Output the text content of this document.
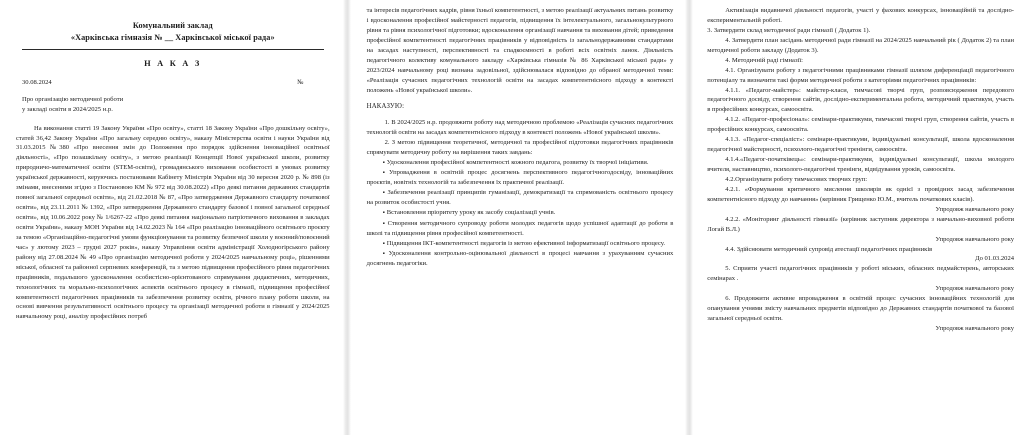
Комунальний заклад
«Харківська гімназія № __ Харківської міської рада»
Н А К А З
30.08.2024	№
Про організацію методичної роботи
у закладі освіти в 2024/2025 н.р.

На виконання статті 19 Закону України «Про освіту», статті 18 Закону України «Про дошкільну освіту», статей 36,42 Закону України «Про загальну середню освіту», наказу Міністерства освіти і науки України від 31.03.2015 №380 «Про внесення змін до Положення про порядок здійснення інноваційної освітньої діяльності», «Про позашкільну освіту», з метою реалізації Концепції Нової української школи, розвитку природничо-математичної освіти (STEM-освіти), громадянського виховання особистості в умовах розвитку української державності, керуючись постановами Кабінету Міністрів України від 30 вересня 2020 р. № 898 (із змінами, внесеними згідно з Постановою КМ № 972 від 30.08.2022) «Про деякі питання державних стандартів повної загальної середньої освіти», від 21.02.2018 № 87, «Про затвердження Державного стандарту початкової освіти», від 23.11.2011 № 1392, «Про затвердження Державного стандарту базової і повної загальної середньої освіти», від 10.06.2022 року № 1/6267-22 «Про деякі питання національно патріотичного виховання в закладах освіти України», наказу МОН України від 14.02.2023 № 164 «Про реалізацію інноваційного освітнього проєкту за темою «Організаційно-педагогічні умови функціонування та розвитку безпечної школи у воєнний/повоєнний час» у лютому 2023 – грудні 2027 років», наказу Управління освіти адміністрації Холодногірського району району від 27.08.2024 № 49 «Про організацію методичної роботи у 2024/2025 навчальному році», рішеннями міської, обласної та районної серпневих конференцій, та з метою підвищення професійного рівня педагогічних працівників, подальшого удосконалення особистісно-орієнтованого спрямування дидактичних, методичних, технологічних та морально-психологічних аспектів освітнього процесу в гімназії, підвищення професійної компетентності педагогічних працівників та забезпечення розвитку освіти, річного плану роботи школи, на основі вивчення результативності освітнього процесу та організації методичної роботи в гімназії у 2024/2025 навчальному році, аналізу професійних потреб

та інтересів педагогічних кадрів, рівня їхньої компетентності, з метою реалізації актуальних питань розвитку і вдосконалення професійної майстерності педагогів, підвищення їх інтелектуального, загальнокультурного рівня та рівня психологічної підготовки; вдосконалення організації навчання та виховання дітей; приведення професійної компетентності педагогічних працівників у відповідність із загальнодержавними стандартами на засадах наступності, перспективності та спадкоємності в роботі всіх освітніх ланок. Діяльність педагогічного колективу комунального закладу «Харківська гімназія № 86 Харківської міської ради» у 2023/2024 навчальному році визнана задовільної, здійснювалася відповідно до обраної методичної теми: «Реалізація сучасних педагогічних технологій освіти на засадах компетентнісного підходу в контексті положень «Нової української школи».

НАКАЗУЮ:

1. В 2024/2025 н.р. продовжити роботу над методичною проблемою «Реалізація сучасних педагогічних технологій освіти на засадах компетентнісного підходу в контексті положень «Нової української школи».

2. З метою підвищення теоретичної, методичної та професійної підготовки педагогічних працівників спрямувати методичну роботу на вирішення таких завдань:

▪ Удосконалення професійної компетентності кожного педагога, розвитку їх творчої ініціативи.
▪ Упровадження в освітній процес досягнень перспективного педагогічногодосвіду, інноваційних проєктів, новітніх технологій та забезпечення їх практичної реалізації.
▪ Забезпечення реалізації принципів гуманізації, демократизації та спрямованість освітнього процесу на розвиток особистості учня.
▪ Встановлення пріоритету уроку як засобу соціалізації учнів.
▪ Створення методичного супроводу роботи молодих педагогів щодо успішної адаптації до роботи в школі та підвищення рівня професійної компетентності.
▪ Підвищення ІКТ-компетентності педагогів із метою ефективної інформатизації освітнього процесу.
▪ Удосконалення контрольно-оцінювальної діяльності в процесі навчання з урахуванням сучасних досягнень педагогіки.

Активізація видавничої діяльності педагогів, участі у фахових конкурсах, інноваційній та дослідно-експериментальній роботі.

3. Затвердити склад методичної ради гімназії ( Додаток 1).

4. Затвердити план засідань методичної ради гімназії на 2024/2025 навчальний рік ( Додаток 2) та план методичної роботи закладу (Додаток 3).

4. Методичній раді гімназії:

4.1. Організувати роботу з педагогічними працівниками гімназії шляхом диференціації педагогічного потенціалу та визначити такі форми методичної роботи з категоріями педагогічних працівників:

4.1.1. «Педагог-майстер»: майстер-класи, тимчасові творчі груп, розповсюдження передового педагогічного досвіду, створення сайтів, дослідно-експериментальна робота, методичний практикум, участь в професійних конкурсах, самоосвіта.

4.1.2. «Педагог-професіонал»: семінари-практикуми, тимчасові творчі груп, створення сайтів, участь в професійних конкурсах, самоосвіта.

4.1.3. «Педагог-спеціаліст»: семінари-практикуми, індивідуальні консультації, школа вдосконалення педагогічної майстерності, психолого-педагогічні тренінги, самоосвіта.

4.1.4.«Педагог-початківець»: семінари-практикуми, індивідуальні консультації, школа молодого вчителя, наставництво, психолого-педагогічні тренінги, відвідування уроків, самоосвіта.

4.2.Організувати роботу тимчасових творчих груп:

4.2.1. «Формування критичного мислення школярів як однієї з провідних засад забезпечення компетентнісного підходу до навчання» (керівник Грищенко Ю.М., вчитель початкових класів).

Упродовж навчального року

4.2.2. «Моніторинг діяльності гімназії» (керівник заступник директора з навчально-виховної роботи Логай В.Л.)

Упродовж навчального року

4.4. Здійснювати методичний супровід атестації педагогічних працівників

До 01.03.2024

5. Сприяти участі педагогічних працівників у роботі міських, обласних педмайстерень, авторських семінарах .

Упродовж навчального року

6. Продовжити активне впровадження в освітній процес сучасних інноваційних технологій для опанування учнями змісту навчальних предметів відповідно до Державних стандартів початкової та базової загальної середньої освіти.

Упродовж навчального року
